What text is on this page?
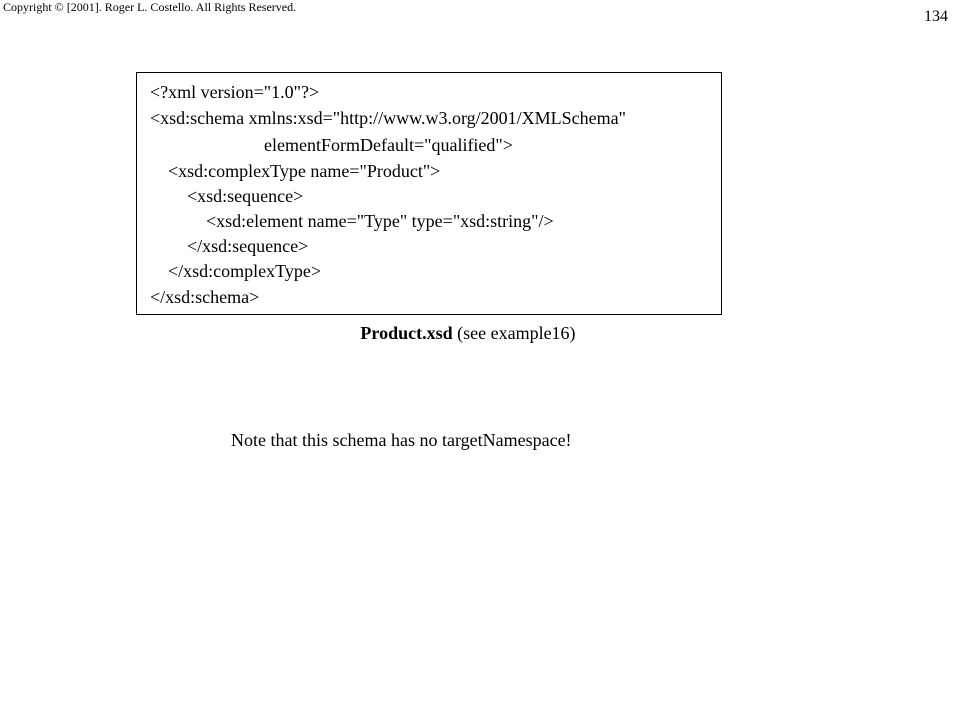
Copyright © [2001]. Roger L. Costello. All Rights Reserved.
134
<?xml version="1.0"?>
<xsd:schema xmlns:xsd="http://www.w3.org/2001/XMLSchema"
elementFormDefault="qualified">
<xsd:complexType name="Product">
<xsd:sequence>
<xsd:element name="Type" type="xsd:string"/>
</xsd:sequence>
</xsd:complexType>
</xsd:schema>
Product.xsd (see example16)
Note that this schema has no targetNamespace!
